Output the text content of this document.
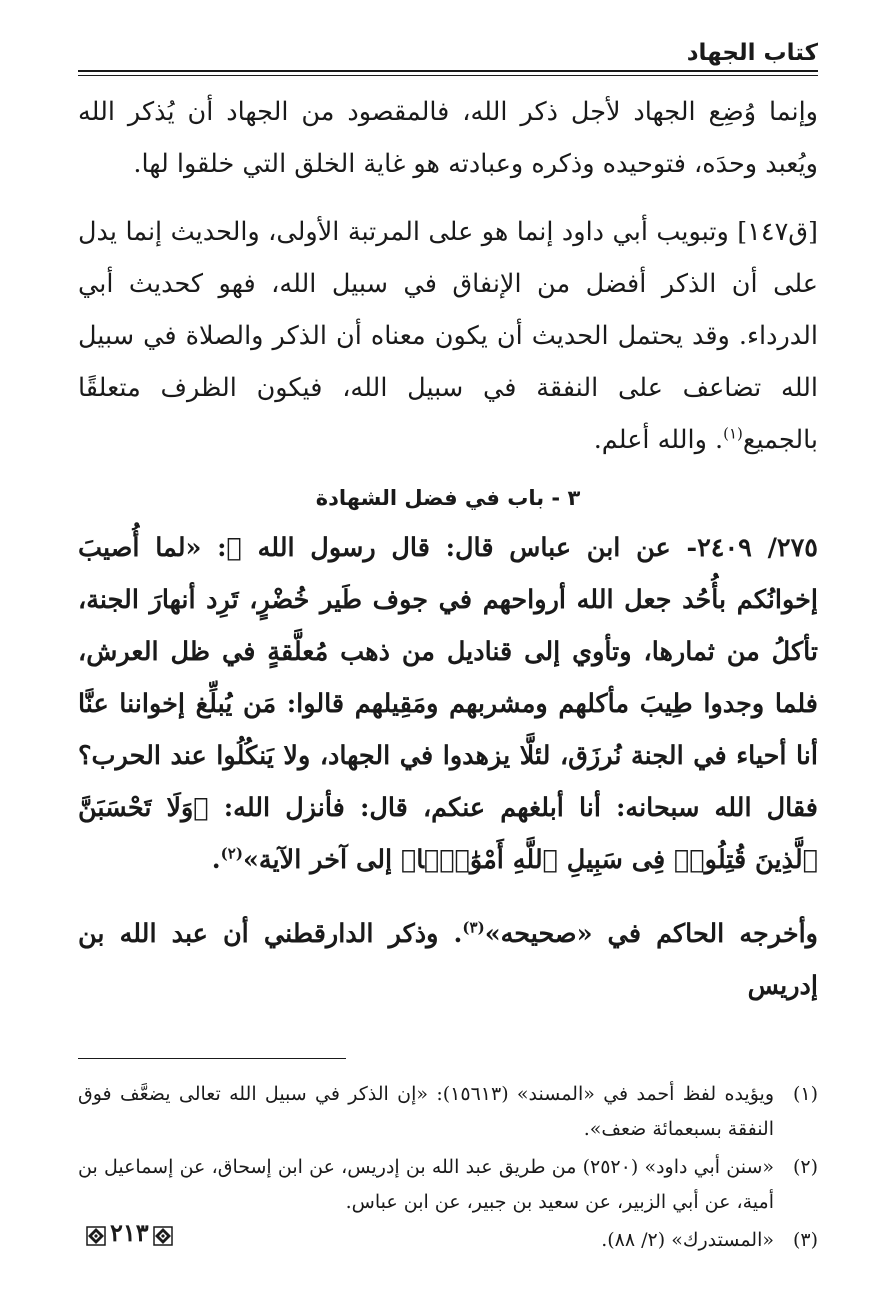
كتاب الجهاد

وإنما وُضِع الجهاد لأجل ذكر الله، فالمقصود من الجهاد أن يُذكر الله ويُعبد وحدَه، فتوحيده وذكره وعبادته هو غاية الخلق التي خلقوا لها.

[ق١٤٧] وتبويب أبي داود إنما هو على المرتبة الأولى، والحديث إنما يدل على أن الذكر أفضل من الإنفاق في سبيل الله، فهو كحديث أبي الدرداء. وقد يحتمل الحديث أن يكون معناه أن الذكر والصلاة في سبيل الله تضاعف على النفقة في سبيل الله، فيكون الظرف متعلقًا بالجميع$^{(١)}$. والله أعلم.

٣ - باب في فضل الشهادة

٢٧٥/ ٢٤٠٩- عن ابن عباس قال: قال رسول الله ﷺ: «لما أُصيبَ إخوانُكم بأُحُد جعل الله أرواحهم في جوف طَير خُضْرٍ، تَرِد أنهارَ الجنة، تأكلُ من ثمارها، وتأوي إلى قناديل من ذهب مُعلَّقةٍ في ظل العرش، فلما وجدوا طِيبَ مأكلهم ومشربهم ومَقِيلهم قالوا: مَن يُبلِّغ إخواننا عنَّا أنا أحياء في الجنة نُرزَق، لئلَّا يزهدوا في الجهاد، ولا يَنكُلُوا عند الحرب؟ فقال الله سبحانه: أنا أبلغهم عنكم، قال: فأنزل الله: ﴿وَلَا تَحْسَبَنَّ ٱلَّذِينَ قُتِلُوا۟ فِى سَبِيلِ ٱللَّهِ أَمْوَٰتًۢا﴾ إلى آخر الآية»$^{(٢)}$.

وأخرجه الحاكم في «صحيحه»$^{(٣)}$. وذكر الدارقطني أن عبد الله بن إدريس

(١)
ويؤيده لفظ أحمد في «المسند» (١٥٦١٣): «إن الذكر في سبيل الله تعالى يضعَّف فوق النفقة بسبعمائة ضعف».
(٢)
«سنن أبي داود» (٢٥٢٠) من طريق عبد الله بن إدريس، عن ابن إسحاق، عن إسماعيل بن أمية، عن أبي الزبير، عن سعيد بن جبير، عن ابن عباس.
(٣)
«المستدرك» (٢/ ٨٨).
٢١٣
